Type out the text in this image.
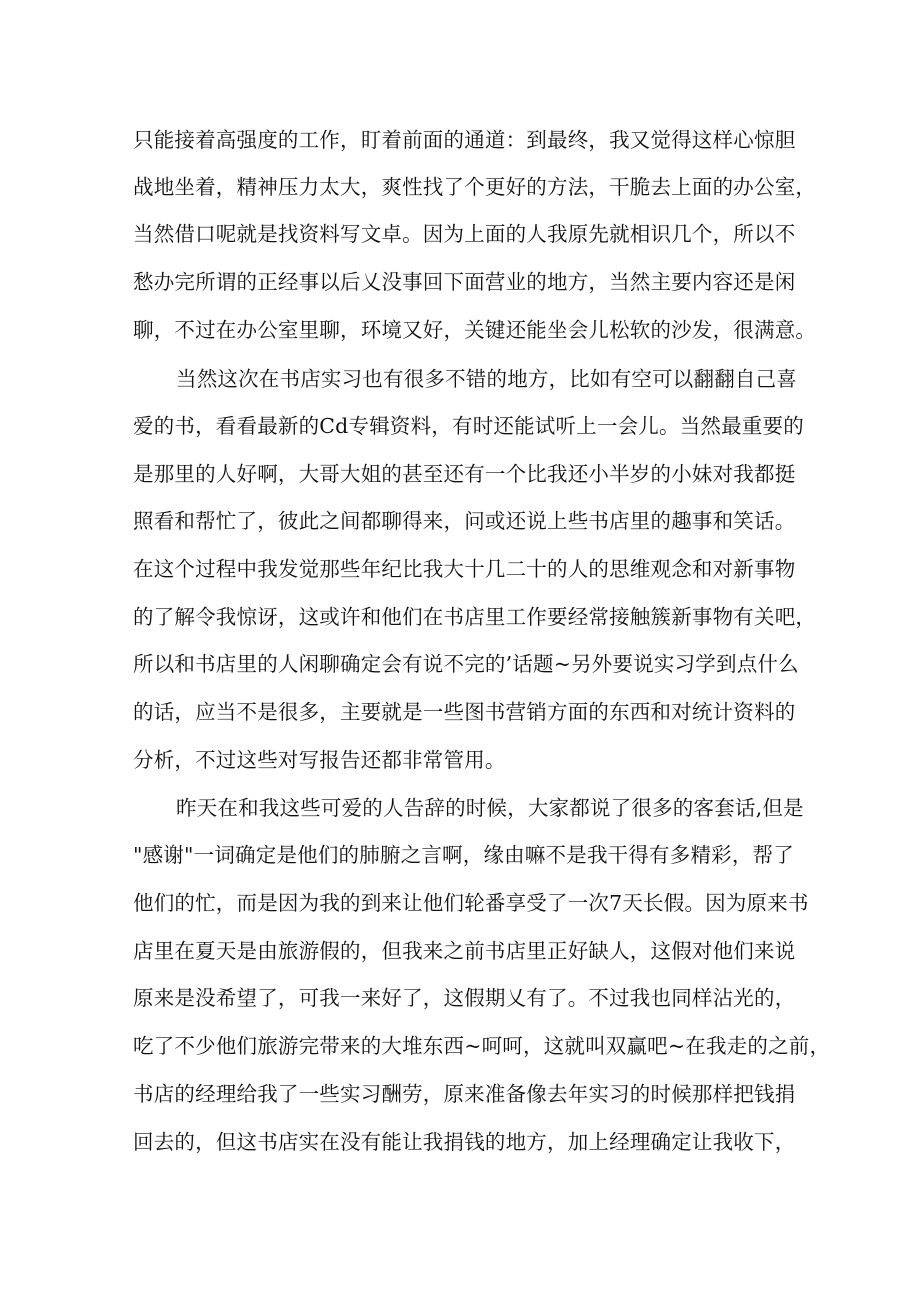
只能接着高强度的工作，盯着前面的通道：到最终，我又觉得这样心惊胆
战地坐着，精神压力太大，爽性找了个更好的方法，干脆去上面的办公室，
当然借口呢就是找资料写文卓。因为上面的人我原先就相识几个，所以不
愁办完所谓的正经事以后乂没事回下面营业的地方，当然主要内容还是闲
聊，不过在办公室里聊，环境又好，关键还能坐会儿松软的沙发，很满意。
当然这次在书店实习也有很多不错的地方，比如有空可以翻翻自己喜
爱的书，看看最新的Cd专辑资料，有时还能试听上一会儿。当然最重要的
是那里的人好啊，大哥大姐的甚至还有一个比我还小半岁的小妹对我都挺
照看和帮忙了，彼此之间都聊得来，问或还说上些书店里的趣事和笑话。
在这个过程中我发觉那些年纪比我大十几二十的人的思维观念和对新事物
的了解令我惊讶，这或许和他们在书店里工作要经常接触簇新事物有关吧，
所以和书店里的人闲聊确定会有说不完的’话题~另外要说实习学到点什么
的话，应当不是很多，主要就是一些图书营销方面的东西和对统计资料的
分析，不过这些对写报告还都非常管用。
昨天在和我这些可爱的人告辞的时候，大家都说了很多的客套话,但是
"感谢"一词确定是他们的肺腑之言啊，缘由嘛不是我干得有多精彩，帮了
他们的忙，而是因为我的到来让他们轮番享受了一次7天长假。因为原来书
店里在夏天是由旅游假的，但我来之前书店里正好缺人，这假对他们来说
原来是没希望了，可我一来好了，这假期乂有了。不过我也同样沾光的，
吃了不少他们旅游完带来的大堆东西~呵呵，这就叫双赢吧~在我走的之前，
书店的经理给我了一些实习酬劳，原来准备像去年实习的时候那样把钱捐
回去的，但这书店实在没有能让我捐钱的地方，加上经理确定让我收下，
